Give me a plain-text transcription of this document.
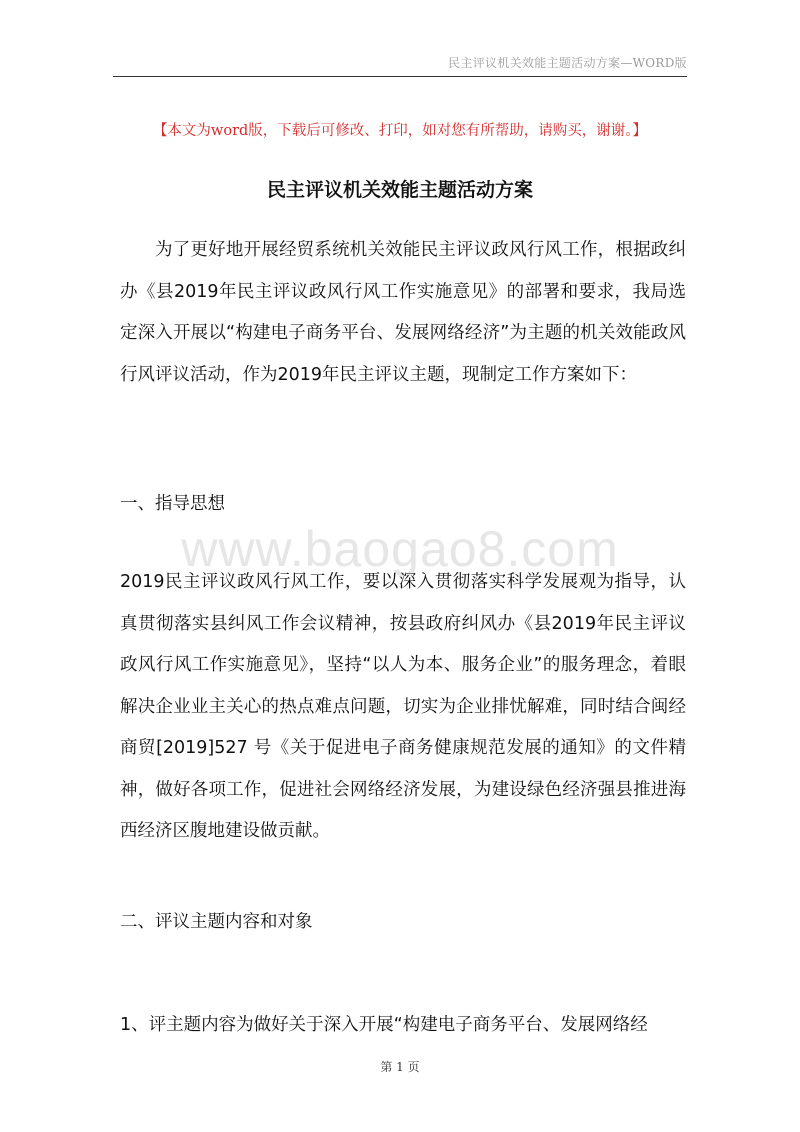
民主评议机关效能主题活动方案—WORD版
【本文为word版，下载后可修改、打印，如对您有所帮助，请购买，谢谢。】
民主评议机关效能主题活动方案

为了更好地开展经贸系统机关效能民主评议政风行风工作，根据政纠办《县2019年民主评议政风行风工作实施意见》的部署和要求，我局选定深入开展以“构建电子商务平台、发展网络经济”为主题的机关效能政风行风评议活动，作为2019年民主评议主题，现制定工作方案如下：

一、指导思想

www.baogao8.com

2019民主评议政风行风工作，要以深入贯彻落实科学发展观为指导，认真贯彻落实县纠风工作会议精神，按县政府纠风办《县2019年民主评议政风行风工作实施意见》，坚持“以人为本、服务企业”的服务理念，着眼解决企业业主关心的热点难点问题，切实为企业排忧解难，同时结合闽经商贸[2019]527 号《关于促进电子商务健康规范发展的通知》的文件精神，做好各项工作，促进社会网络经济发展，为建设绿色经济强县推进海西经济区腹地建设做贡献。

二、评议主题内容和对象

1、评主题内容为做好关于深入开展“构建电子商务平台、发展网络经

第 1 页
